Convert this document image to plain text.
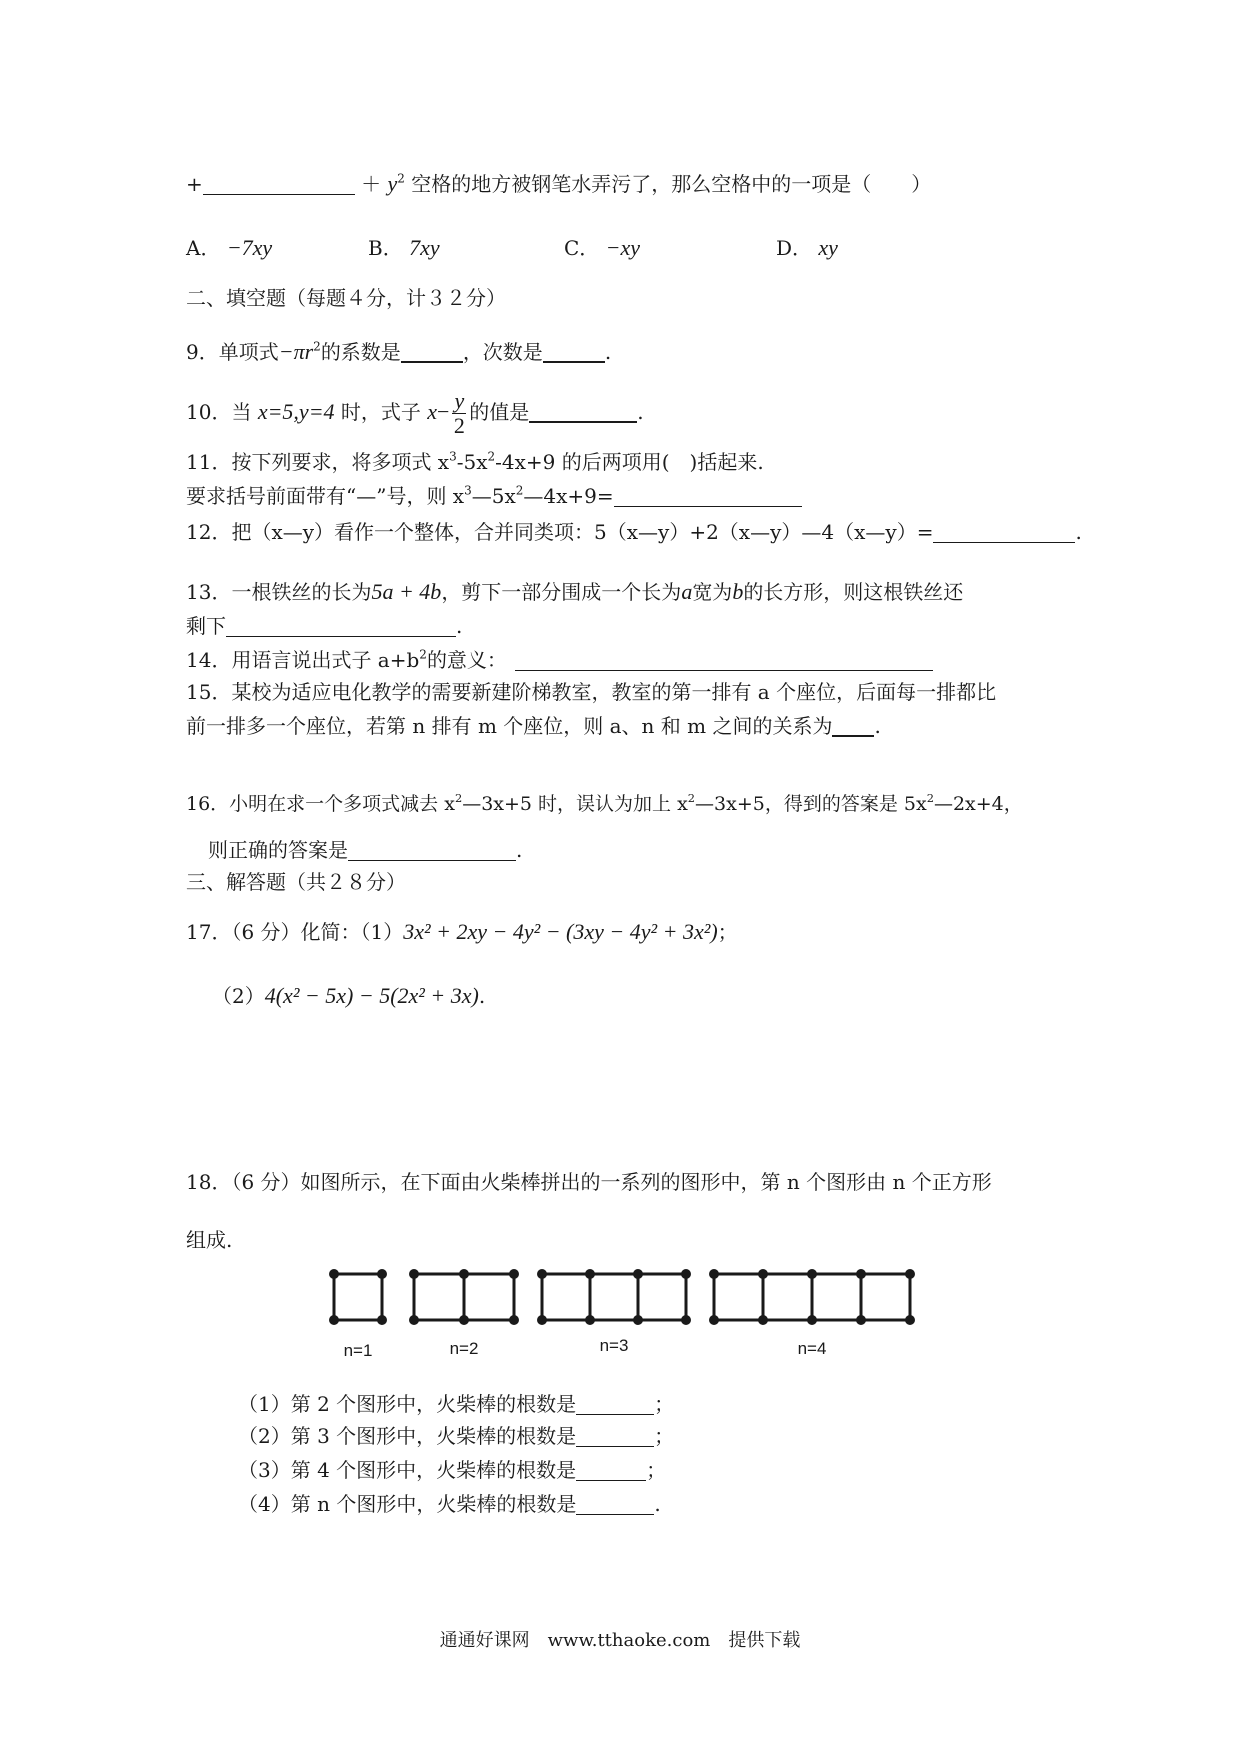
+	＋ $y^2$ 空格的地方被钢笔水弄污了，那么空格中的一项是（　　）
A． −7xy	B． 7xy	C． −xy	D． xy
二、填空题（每题４分，计３２分）
9．单项式$-\pi r^2$的系数是	，次数是	.
10．当 x=5,y=4 时，式子 $x- \frac{y}{2}$ 的值是	.
11．按下列要求，将多项式 $x^3-5x^2-4x+9$ 的后两项用(　)括起来.
要求括号前面带有“—”号，则 $x^3—5x^2—4x+9=$
12．把（x—y）看作一个整体，合并同类项：5（x—y）+2（x—y）—4（x—y）=	.
13．一根铁丝的长为5a + 4b，剪下一部分围成一个长为a宽为b的长方形，则这根铁丝还
剩下	.
14．用语言说出式子 $a+b^2$的意义：
15．某校为适应电化教学的需要新建阶梯教室，教室的第一排有 a 个座位，后面每一排都比
前一排多一个座位，若第 n 排有 m 个座位，则 a、n 和 m 之间的关系为 .
16．小明在求一个多项式减去 $x^2—3x+5$ 时，误认为加上 $x^2—3x+5$，得到的答案是 $5x^2—2x+4$，
则正确的答案是	.
三、解答题（共２８分）
17．（6 分）化简：（1）3x² + 2xy − 4y² − (3xy − 4y² + 3x²)；
（2）4(x² − 5x) − 5(2x² + 3x).
18．（6 分）如图所示，在下面由火柴棒拼出的一系列的图形中，第 n 个图形由 n 个正方形
组成.
n=1	n=2	n=3	n=4
（1）第 2 个图形中，火柴棒的根数是	；
（2）第 3 个图形中，火柴棒的根数是	；
（3）第 4 个图形中，火柴棒的根数是	；
（4）第 n 个图形中，火柴棒的根数是	.
通通好课网　www.tthaoke.com　提供下载
